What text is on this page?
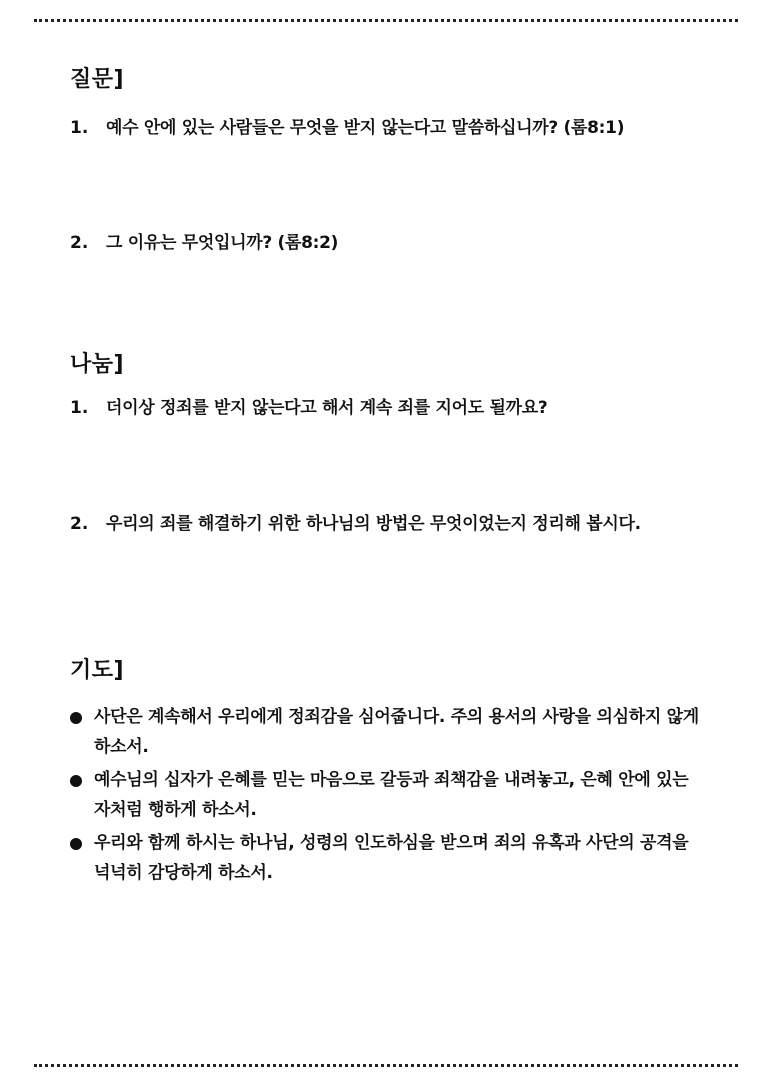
질문]
1.	예수 안에 있는 사람들은 무엇을 받지 않는다고 말씀하십니까? (롬8:1)
2.	그 이유는 무엇입니까? (롬8:2)
나눔]
1.	더이상 정죄를 받지 않는다고 해서 계속 죄를 지어도 될까요?
2.	우리의 죄를 해결하기 위한 하나님의 방법은 무엇이었는지 정리해 봅시다.
기도]
사단은 계속해서 우리에게 정죄감을 심어줍니다. 주의 용서의 사랑을 의심하지 않게 하소서.
예수님의 십자가 은혜를 믿는 마음으로 갈등과 죄책감을 내려놓고, 은혜 안에 있는 자처럼 행하게 하소서.
우리와 함께 하시는 하나님, 성령의 인도하심을 받으며 죄의 유혹과 사단의 공격을 넉넉히 감당하게 하소서.
